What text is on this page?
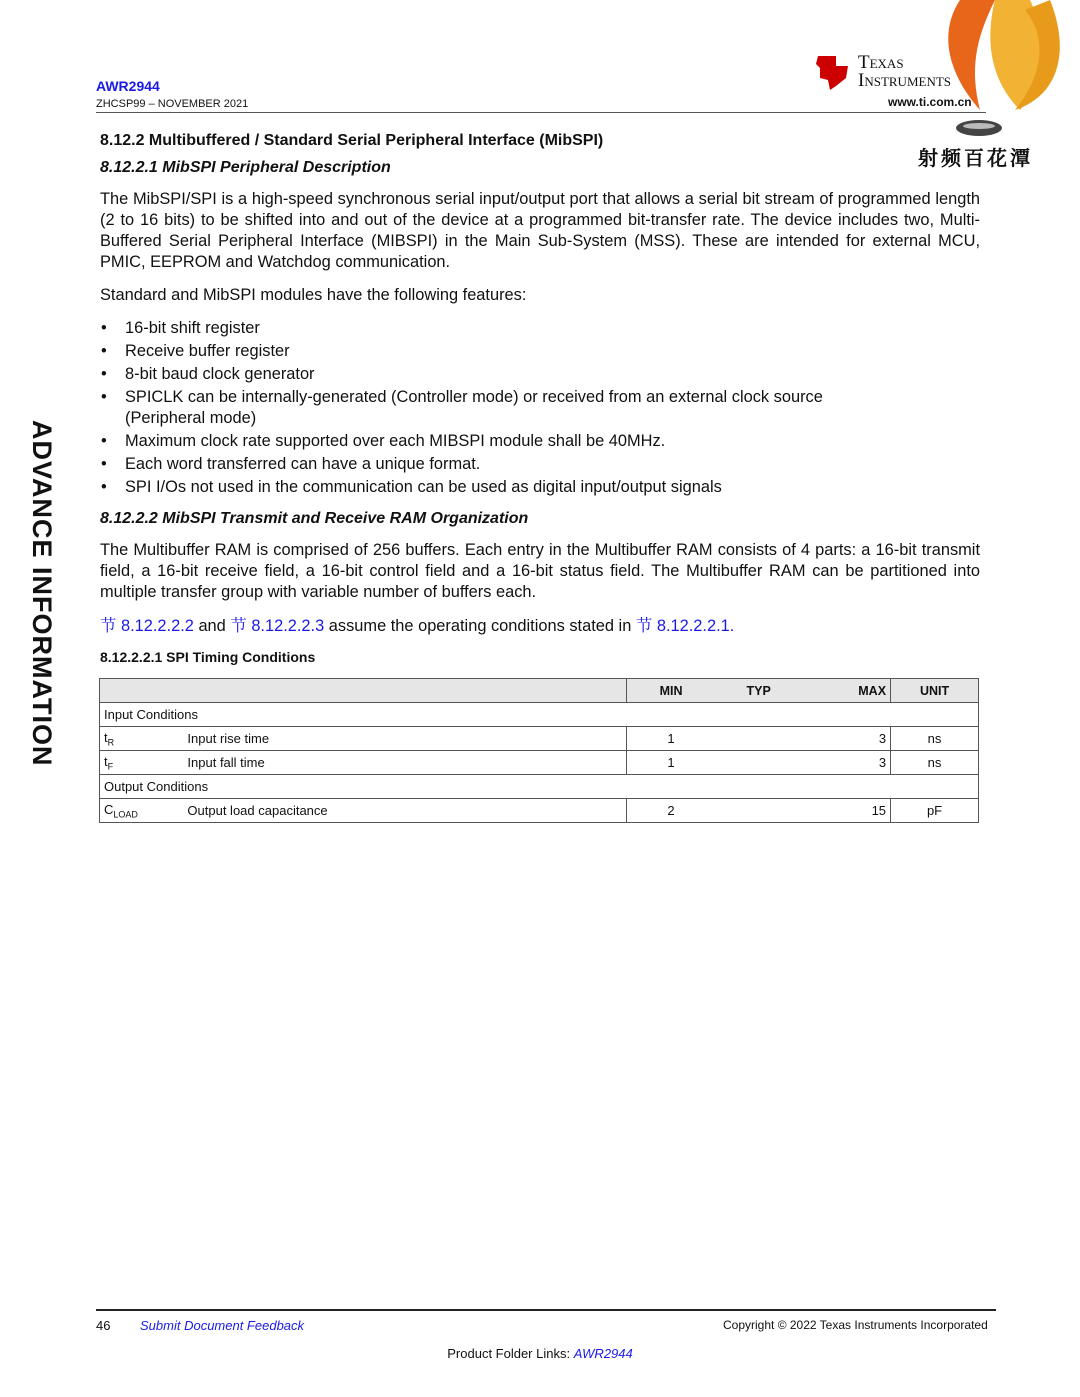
AWR2944
ZHCSP99 – NOVEMBER 2021
Texas
Instruments
www.ti.com.cn
射频百花潭
ADVANCE INFORMATION
8.12.2 Multibuffered / Standard Serial Peripheral Interface (MibSPI)
8.12.2.1 MibSPI Peripheral Description
The MibSPI/SPI is a high-speed synchronous serial input/output port that allows a serial bit stream of programmed length (2 to 16 bits) to be shifted into and out of the device at a programmed bit-transfer rate. The device includes two, Multi-Buffered Serial Peripheral Interface (MIBSPI) in the Main Sub-System (MSS). These are intended for external MCU, PMIC, EEPROM and Watchdog communication.
Standard and MibSPI modules have the following features:
• 16-bit shift register
• Receive buffer register
• 8-bit baud clock generator
• SPICLK can be internally-generated (Controller mode) or received from an external clock source (Peripheral mode)
• Maximum clock rate supported over each MIBSPI module shall be 40MHz.
• Each word transferred can have a unique format.
• SPI I/Os not used in the communication can be used as digital input/output signals
8.12.2.2 MibSPI Transmit and Receive RAM Organization
The Multibuffer RAM is comprised of 256 buffers. Each entry in the Multibuffer RAM consists of 4 parts: a 16-bit transmit field, a 16-bit receive field, a 16-bit control field and a 16-bit status field. The Multibuffer RAM can be partitioned into multiple transfer group with variable number of buffers each.
节 8.12.2.2.2 and 节 8.12.2.2.3 assume the operating conditions stated in 节 8.12.2.2.1.
8.12.2.2.1 SPI Timing Conditions
		MIN	TYP	MAX	UNIT
Input Conditions					
$t_R$	Input rise time	1		3	ns
$t_F$	Input fall time	1		3	ns
Output Conditions					
$C_{LOAD}$	Output load capacitance	2		15	pF
46 Submit Document Feedback	Copyright © 2022 Texas Instruments Incorporated
Product Folder Links: AWR2944
